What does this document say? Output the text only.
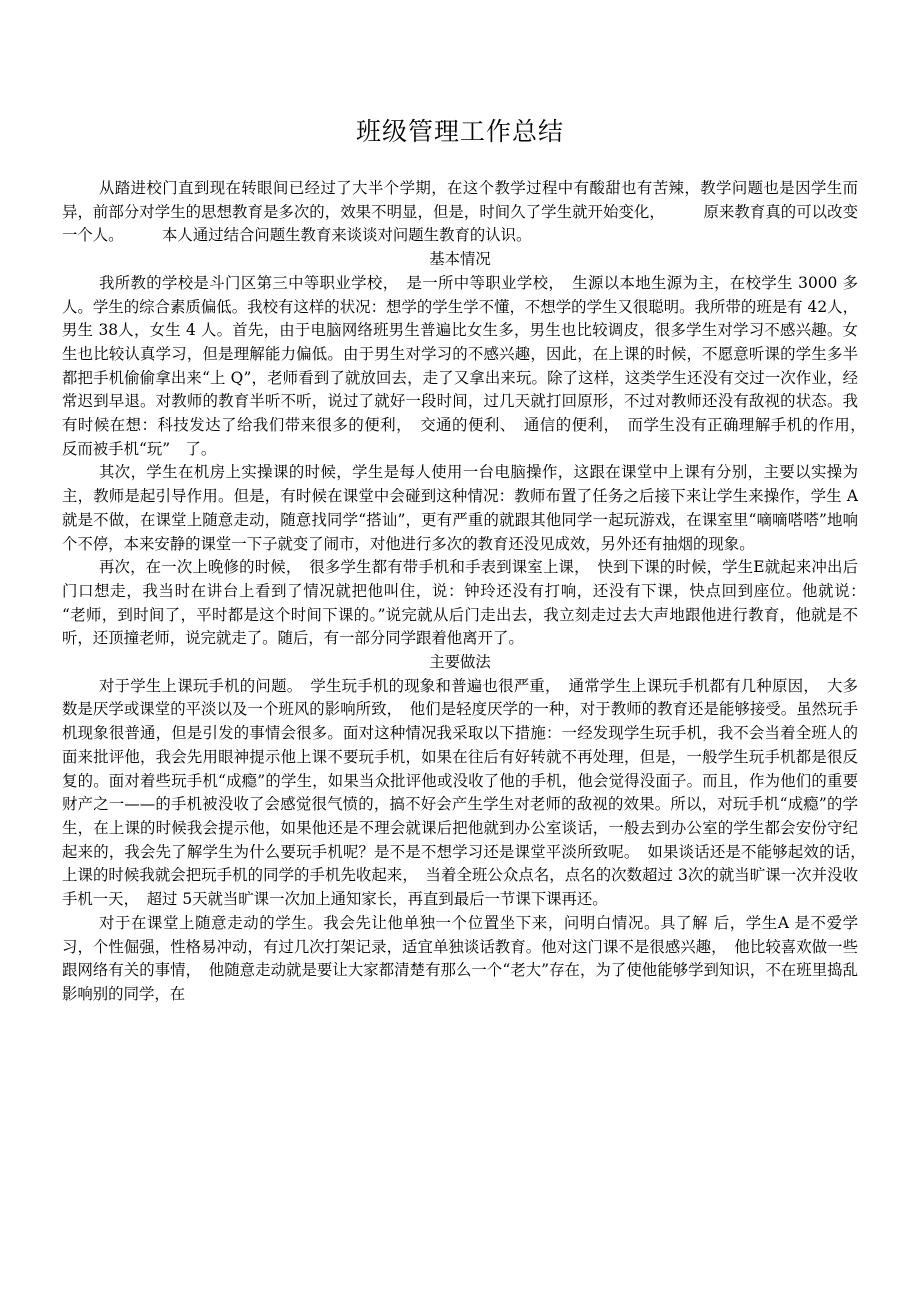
班级管理工作总结

从踏进校门直到现在转眼间已经过了大半个学期，在这个教学过程中有酸甜也有苦辣，教学问题也是因学生而异，前部分对学生的思想教育是多次的，效果不明显，但是，时间久了学生就开始变化，　　　原来教育真的可以改变一个人。　　　本人通过结合问题生教育来谈谈对问题生教育的认识。

基本情况

我所教的学校是斗门区第三中等职业学校，　是一所中等职业学校，　生源以本地生源为主，在校学生 3000 多人。学生的综合素质偏低。我校有这样的状况：想学的学生学不懂，不想学的学生又很聪明。我所带的班是有 42人，男生 38人，女生 4 人。首先，由于电脑网络班男生普遍比女生多，男生也比较调皮，很多学生对学习不感兴趣。女生也比较认真学习，但是理解能力偏低。由于男生对学习的不感兴趣，因此，在上课的时候，不愿意听课的学生多半都把手机偷偷拿出来“上 Q”，老师看到了就放回去，走了又拿出来玩。除了这样，这类学生还没有交过一次作业，经常迟到早退。对教师的教育半听不听，说过了就好一段时间，过几天就打回原形，不过对教师还没有敌视的状态。我有时候在想：科技发达了给我们带来很多的便利，　交通的便利、　通信的便利，　而学生没有正确理解手机的作用，　反而被手机“玩”　了。

其次，学生在机房上实操课的时候，学生是每人使用一台电脑操作，这跟在课堂中上课有分别，主要以实操为主，教师是起引导作用。但是，有时候在课堂中会碰到这种情况：教师布置了任务之后接下来让学生来操作，学生 A 就是不做，在课堂上随意走动，随意找同学“搭讪”，更有严重的就跟其他同学一起玩游戏，在课室里“嘀嘀嗒嗒”地响个不停，本来安静的课堂一下子就变了闹市，对他进行多次的教育还没见成效，另外还有抽烟的现象。

再次，在一次上晚修的时候，　很多学生都有带手机和手表到课室上课，　快到下课的时候，学生E就起来冲出后门口想走，我当时在讲台上看到了情况就把他叫住，说：钟玲还没有打响，还没有下课，快点回到座位。他就说：　“老师，到时间了，平时都是这个时间下课的。”说完就从后门走出去，我立刻走过去大声地跟他进行教育，他就是不听，还顶撞老师，说完就走了。随后，有一部分同学跟着他离开了。

主要做法

对于学生上课玩手机的问题。　学生玩手机的现象和普遍也很严重，　通常学生上课玩手机都有几种原因，　大多数是厌学或课堂的平淡以及一个班风的影响所致，　他们是轻度厌学的一种，对于教师的教育还是能够接受。虽然玩手机现象很普通，但是引发的事情会很多。面对这种情况我采取以下措施：一经发现学生玩手机，我不会当着全班人的面来批评他，我会先用眼神提示他上课不要玩手机，如果在往后有好转就不再处理，但是，一般学生玩手机都是很反复的。面对着些玩手机“成瘾”的学生，如果当众批评他或没收了他的手机，他会觉得没面子。而且，作为他们的重要财产之一——的手机被没收了会感觉很气愤的，搞不好会产生学生对老师的敌视的效果。所以，对玩手机“成瘾”的学生，在上课的时候我会提示他，如果他还是不理会就课后把他就到办公室谈话，一般去到办公室的学生都会安份守纪起来的，我会先了解学生为什么要玩手机呢？是不是不想学习还是课堂平淡所致呢。　如果谈话还是不能够起效的话，　上课的时候我就会把玩手机的同学的手机先收起来，　当着全班公众点名，点名的次数超过 3次的就当旷课一次并没收手机一天，　超过 5天就当旷课一次加上通知家长，再直到最后一节课下课再还。

对于在课堂上随意走动的学生。我会先让他单独一个位置坐下来，问明白情况。具了解 后，学生A 是不爱学习，个性倔强，性格易冲动，有过几次打架记录，适宜单独谈话教育。他对这门课不是很感兴趣，　他比较喜欢做一些跟网络有关的事情，　他随意走动就是要让大家都清楚有那么一个“老大”存在，为了使他能够学到知识，不在班里捣乱影响别的同学，在
